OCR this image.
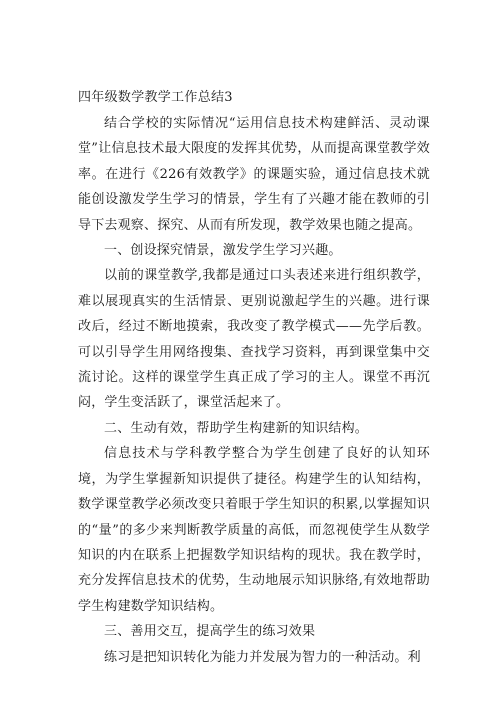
四年级数学教学工作总结3

结合学校的实际情况“运用信息技术构建鲜活、灵动课堂”让信息技术最大限度的发挥其优势，从而提高课堂教学效率。在进行《226有效教学》的课题实验，通过信息技术就能创设激发学生学习的情景，学生有了兴趣才能在教师的引导下去观察、探究、从而有所发现，教学效果也随之提高。

一、创设探究情景，激发学生学习兴趣。

以前的课堂教学,我都是通过口头表述来进行组织教学，难以展现真实的生活情景、更别说激起学生的兴趣。进行课改后，经过不断地摸索，我改变了教学模式——先学后教。可以引导学生用网络搜集、查找学习资料，再到课堂集中交流讨论。这样的课堂学生真正成了学习的主人。课堂不再沉闷，学生变活跃了，课堂活起来了。

二、生动有效，帮助学生构建新的知识结构。

信息技术与学科教学整合为学生创建了良好的认知环境，为学生掌握新知识提供了捷径。构建学生的认知结构，数学课堂教学必须改变只着眼于学生知识的积累,以掌握知识的“量”的多少来判断教学质量的高低，而忽视使学生从数学知识的内在联系上把握数学知识结构的现状。我在教学时，充分发挥信息技术的优势，生动地展示知识脉络,有效地帮助学生构建数学知识结构。

三、善用交互，提高学生的练习效果

练习是把知识转化为能力并发展为智力的一种活动。利
